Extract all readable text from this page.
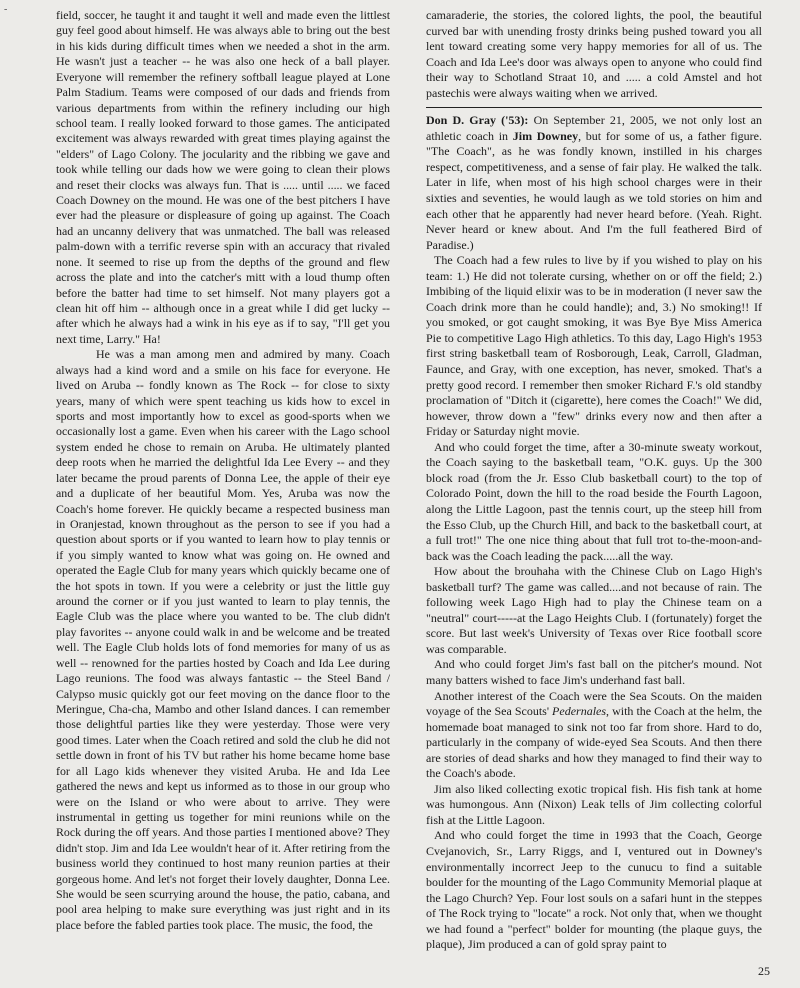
-	field, soccer, he taught it and taught it well and made even the littlest guy feel good about himself. He was always able to bring out the best in his kids during difficult times when we needed a shot in the arm. He wasn't just a teacher -- he was also one heck of a ball player. Everyone will remember the refinery softball league played at Lone Palm Stadium. Teams were composed of our dads and friends from various departments from within the refinery including our high school team. I really looked forward to those games. The anticipated excitement was always rewarded with great times playing against the "elders" of Lago Colony. The jocularity and the ribbing we gave and took while telling our dads how we were going to clean their plows and reset their clocks was always fun. That is ..... until ..... we faced Coach Downey on the mound. He was one of the best pitchers I have ever had the pleasure or displeasure of going up against. The Coach had an uncanny delivery that was unmatched. The ball was released palm-down with a terrific reverse spin with an accuracy that rivaled none. It seemed to rise up from the depths of the ground and flew across the plate and into the catcher's mitt with a loud thump often before the batter had time to set himself. Not many players got a clean hit off him -- although once in a great while I did get lucky -- after which he always had a wink in his eye as if to say, "I'll get you next time, Larry." Ha!

He was a man among men and admired by many. Coach always had a kind word and a smile on his face for everyone. He lived on Aruba -- fondly known as The Rock -- for close to sixty years, many of which were spent teaching us kids how to excel in sports and most importantly how to excel as good-sports when we occasionally lost a game. Even when his career with the Lago school system ended he chose to remain on Aruba. He ultimately planted deep roots when he married the delightful Ida Lee Every -- and they later became the proud parents of Donna Lee, the apple of their eye and a duplicate of her beautiful Mom. Yes, Aruba was now the Coach's home forever. He quickly became a respected business man in Oranjestad, known throughout as the person to see if you had a question about sports or if you wanted to learn how to play tennis or if you simply wanted to know what was going on. He owned and operated the Eagle Club for many years which quickly became one of the hot spots in town. If you were a celebrity or just the little guy around the corner or if you just wanted to learn to play tennis, the Eagle Club was the place where you wanted to be. The club didn't play favorites -- anyone could walk in and be welcome and be treated well. The Eagle Club holds lots of fond memories for many of us as well -- renowned for the parties hosted by Coach and Ida Lee during Lago reunions. The food was always fantastic -- the Steel Band / Calypso music quickly got our feet moving on the dance floor to the Meringue, Cha-cha, Mambo and other Island dances. I can remember those delightful parties like they were yesterday. Those were very good times. Later when the Coach retired and sold the club he did not settle down in front of his TV but rather his home became home base for all Lago kids whenever they visited Aruba. He and Ida Lee gathered the news and kept us informed as to those in our group who were on the Island or who were about to arrive. They were instrumental in getting us together for mini reunions while on the Rock during the off years. And those parties I mentioned above? They didn't stop. Jim and Ida Lee wouldn't hear of it. After retiring from the business world they continued to host many reunion parties at their gorgeous home. And let's not forget their lovely daughter, Donna Lee. She would be seen scurrying around the house, the patio, cabana, and pool area helping to make sure everything was just right and in its place before the fabled parties took place. The music, the food, the

camaraderie, the stories, the colored lights, the pool, the beautiful curved bar with unending frosty drinks being pushed toward you all lent toward creating some very happy memories for all of us. The Coach and Ida Lee's door was always open to anyone who could find their way to Schotland Straat 10, and ..... a cold Amstel and hot pastechis were always waiting when we arrived.

Don D. Gray ('53): On September 21, 2005, we not only lost an athletic coach in Jim Downey, but for some of us, a father figure. "The Coach", as he was fondly known, instilled in his charges respect, competitiveness, and a sense of fair play. He walked the talk. Later in life, when most of his high school charges were in their sixties and seventies, he would laugh as we told stories on him and each other that he apparently had never heard before. (Yeah. Right. Never heard or knew about. And I'm the full feathered Bird of Paradise.)

The Coach had a few rules to live by if you wished to play on his team: 1.) He did not tolerate cursing, whether on or off the field; 2.) Imbibing of the liquid elixir was to be in moderation (I never saw the Coach drink more than he could handle); and, 3.) No smoking!! If you smoked, or got caught smoking, it was Bye Bye Miss America Pie to competitive Lago High athletics. To this day, Lago High's 1953 first string basketball team of Rosborough, Leak, Carroll, Gladman, Faunce, and Gray, with one exception, has never, smoked. That's a pretty good record. I remember then smoker Richard F.'s old standby proclamation of "Ditch it (cigarette), here comes the Coach!" We did, however, throw down a "few" drinks every now and then after a Friday or Saturday night movie.

And who could forget the time, after a 30-minute sweaty workout, the Coach saying to the basketball team, "O.K. guys. Up the 300 block road (from the Jr. Esso Club basketball court) to the top of Colorado Point, down the hill to the road beside the Fourth Lagoon, along the Little Lagoon, past the tennis court, up the steep hill from the Esso Club, up the Church Hill, and back to the basketball court, at a full trot!" The one nice thing about that full trot to-the-moon-and-back was the Coach leading the pack.....all the way.

How about the brouhaha with the Chinese Club on Lago High's basketball turf? The game was called....and not because of rain. The following week Lago High had to play the Chinese team on a "neutral" court-----at the Lago Heights Club. I (fortunately) forget the score. But last week's University of Texas over Rice football score was comparable.

And who could forget Jim's fast ball on the pitcher's mound. Not many batters wished to face Jim's underhand fast ball.

Another interest of the Coach were the Sea Scouts. On the maiden voyage of the Sea Scouts' Pedernales, with the Coach at the helm, the homemade boat managed to sink not too far from shore. Hard to do, particularly in the company of wide-eyed Sea Scouts. And then there are stories of dead sharks and how they managed to find their way to the Coach's abode.

Jim also liked collecting exotic tropical fish. His fish tank at home was humongous. Ann (Nixon) Leak tells of Jim collecting colorful fish at the Little Lagoon.

And who could forget the time in 1993 that the Coach, George Cvejanovich, Sr., Larry Riggs, and I, ventured out in Downey's environmentally incorrect Jeep to the cunucu to find a suitable boulder for the mounting of the Lago Community Memorial plaque at the Lago Church? Yep. Four lost souls on a safari hunt in the steppes of The Rock trying to "locate" a rock. Not only that, when we thought we had found a "perfect" bolder for mounting (the plaque guys, the plaque), Jim produced a can of gold spray paint to

25
